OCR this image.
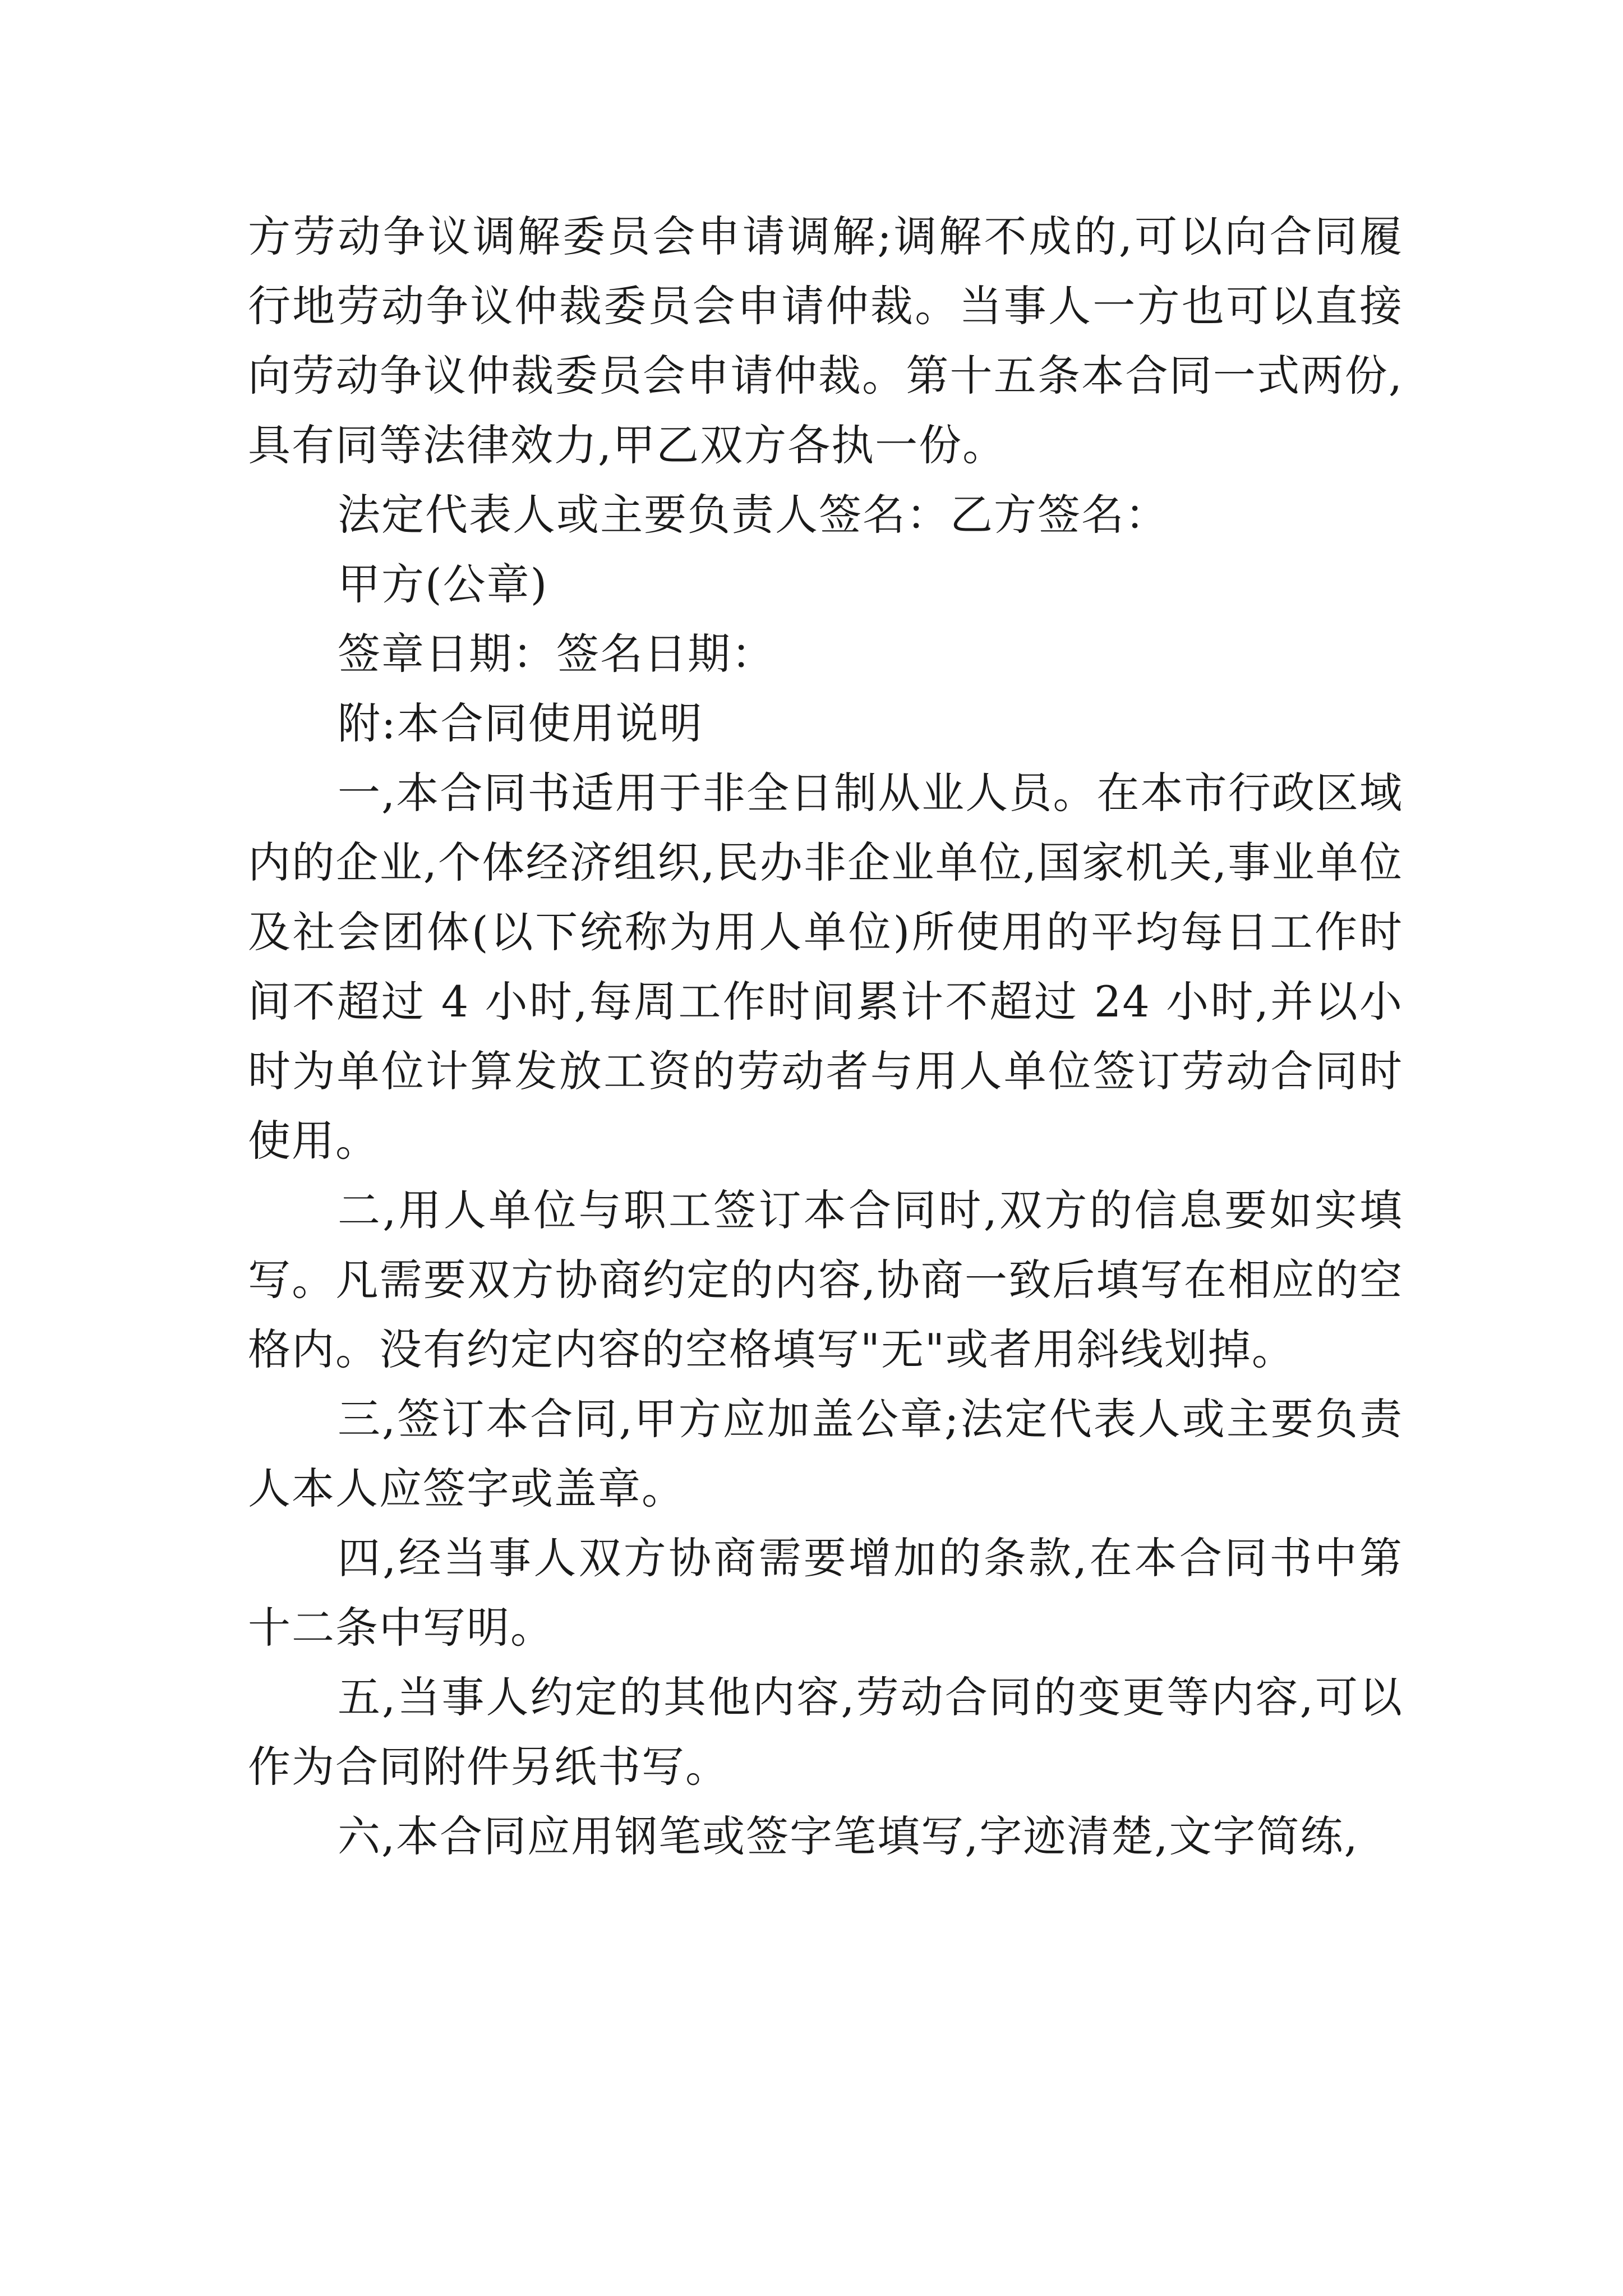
方劳动争议调解委员会申请调解;调解不成的,可以向合同履行地劳动争议仲裁委员会申请仲裁。当事人一方也可以直接向劳动争议仲裁委员会申请仲裁。第十五条本合同一式两份,具有同等法律效力,甲乙双方各执一份。

法定代表人或主要负责人签名：乙方签名：

甲方(公章)

签章日期：签名日期：

附:本合同使用说明

一,本合同书适用于非全日制从业人员。在本市行政区域内的企业,个体经济组织,民办非企业单位,国家机关,事业单位及社会团体(以下统称为用人单位)所使用的平均每日工作时间不超过 4 小时,每周工作时间累计不超过 24 小时,并以小时为单位计算发放工资的劳动者与用人单位签订劳动合同时使用。

二,用人单位与职工签订本合同时,双方的信息要如实填写。凡需要双方协商约定的内容,协商一致后填写在相应的空格内。没有约定内容的空格填写"无"或者用斜线划掉。

三,签订本合同,甲方应加盖公章;法定代表人或主要负责人本人应签字或盖章。

四,经当事人双方协商需要增加的条款,在本合同书中第十二条中写明。

五,当事人约定的其他内容,劳动合同的变更等内容,可以作为合同附件另纸书写。

六,本合同应用钢笔或签字笔填写,字迹清楚,文字简练,
